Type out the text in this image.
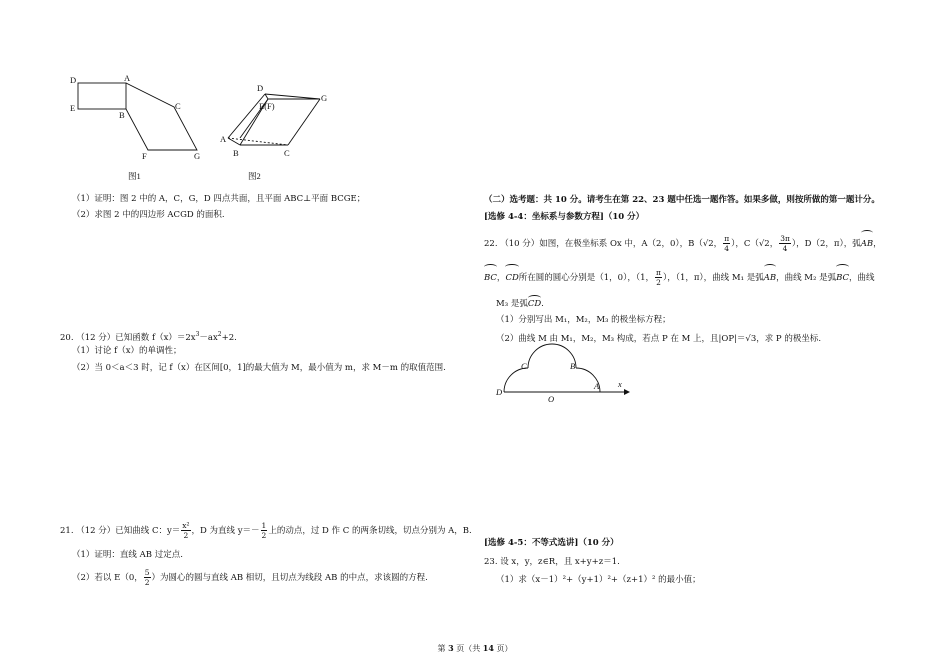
D	A
E
B
C
F	G
图1
D
E(F)
G
A
B	C
图2
（1）证明：图 2 中的 A，C，G，D 四点共面，且平面 ABC⊥平面 BCGE；
（2）求图 2 中的四边形 ACGD 的面积.
20. （12 分）已知函数 $f(x)=2x^3-ax^2+2$.
（1）讨论 f（x）的单调性；
（2）当 0＜a＜3 时，记 f（x）在区间[0，1]的最大值为 M，最小值为 m，求 M－m 的取值范围.
21. （12 分）已知曲线 C：$y= \frac{\text{x²}}{2}$ ，D 为直线 $y=- \frac{1}{2}$ 上的动点，过 D 作 C 的两条切线，切点分别为 A，B.
（1）证明：直线 AB 过定点.
（2）若以 E（0， $\frac{5}{2}$ ）为圆心的圆与直线 AB 相切，且切点为线段 AB 的中点，求该圆的方程.
（二）选考题：共 10 分。请考生在第 22、23 题中任选一题作答。如果多做，则按所做的第一题计分。
[选修 4-4：坐标系与参数方程]（10 分）
22. （10 分）如图，在极坐标系 Ox 中，A（2，0），B（√2， $\frac{\pi}{4}$ ），C（√2， $\frac{3\pi}{4}$ ），D（2，π），弧AB，
BC，CD所在圆的圆心分别是（1，0），（1， $\frac{\pi}{2}$ ），（1，π），曲线 M₁ 是弧AB，曲线 M₂ 是弧BC，曲线
M₃ 是弧CD.
（1）分别写出 M₁，M₂，M₃ 的极坐标方程；
（2）曲线 M 由 M₁，M₂，M₃ 构成，若点 P 在 M 上，且|OP|＝√3，求 P 的极坐标.
C	B
D
O
A x
[选修 4-5：不等式选讲]（10 分）
23. 设 x，y，z∈R，且 x+y+z＝1.
（1）求（x－1）²+（y+1）²+（z+1）² 的最小值；
第 3 页（共 14 页）
